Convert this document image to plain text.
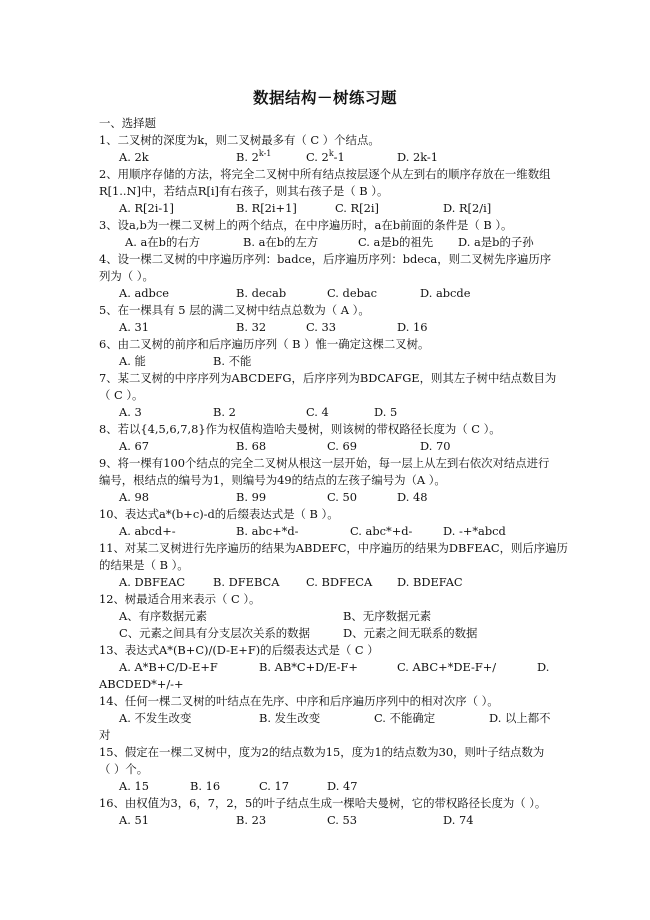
数据结构－树练习题
一、选择题
1、二叉树的深度为k，则二叉树最多有（ C ）个结点。
A. 2k	B. 2$^{k-1}$	C. 2$^k$-1	D. 2k-1
2、用顺序存储的方法，将完全二叉树中所有结点按层逐个从左到右的顺序存放在一维数组
R[1..N]中，若结点R[i]有右孩子，则其右孩子是（ B ）。
A. R[2i-1]	B. R[2i+1]	C. R[2i]	D. R[2/i]
3、设a,b为一棵二叉树上的两个结点，在中序遍历时，a在b前面的条件是（ B ）。
A. a在b的右方	B. a在b的左方	C. a是b的祖先 D. a是b的子孙
4、设一棵二叉树的中序遍历序列：badce，后序遍历序列：bdeca，则二叉树先序遍历序
列为（ ）。
A. adbce	B. decab	C. debac	D. abcde
5、在一棵具有 5 层的满二叉树中结点总数为（ A ）。
A. 31	B. 32	C. 33	D. 16
6、由二叉树的前序和后序遍历序列（ B ）惟一确定这棵二叉树。
A. 能	B. 不能
7、某二叉树的中序序列为ABCDEFG，后序序列为BDCAFGE，则其左子树中结点数目为
（ C ）。
A. 3	B. 2	C. 4	D. 5
8、若以{4,5,6,7,8}作为权值构造哈夫曼树，则该树的带权路径长度为（ C ）。
A. 67	B. 68	C. 69	D. 70
9、将一棵有100个结点的完全二叉树从根这一层开始，每一层上从左到右依次对结点进行
编号，根结点的编号为1，则编号为49的结点的左孩子编号为（A ）。
A. 98	B. 99	C. 50	D. 48
10、表达式a*(b+c)-d的后缀表达式是（ B ）。
A. abcd+-	B. abc+*d-	C. abc*+d-	D. -+*abcd
11、对某二叉树进行先序遍历的结果为ABDEFC，中序遍历的结果为DBFEAC，则后序遍历
的结果是（ B ）。
A. DBFEAC B. DFEBCA C. BDFECA D. BDEFAC
12、树最适合用来表示（ C ）。
A、有序数据元素	B、无序数据元素
C、元素之间具有分支层次关系的数据	D、元素之间无联系的数据
13、表达式A*(B+C)/(D-E+F)的后缀表达式是（ C ）
A. A*B+C/D-E+F	B. AB*C+D/E-F+	C. ABC+*DE-F+/	D.
ABCDED*+/-+
14、任何一棵二叉树的叶结点在先序、中序和后序遍历序列中的相对次序（ ）。
A. 不发生改变	B. 发生改变	C. 不能确定	D. 以上都不
对
15、假定在一棵二叉树中，度为2的结点数为15，度为1的结点数为30，则叶子结点数为
（ ）个。
A. 15	B. 16	C. 17	D. 47
16、由权值为3，6，7，2，5的叶子结点生成一棵哈夫曼树，它的带权路径长度为（ ）。
A. 51	B. 23	C. 53	D. 74
